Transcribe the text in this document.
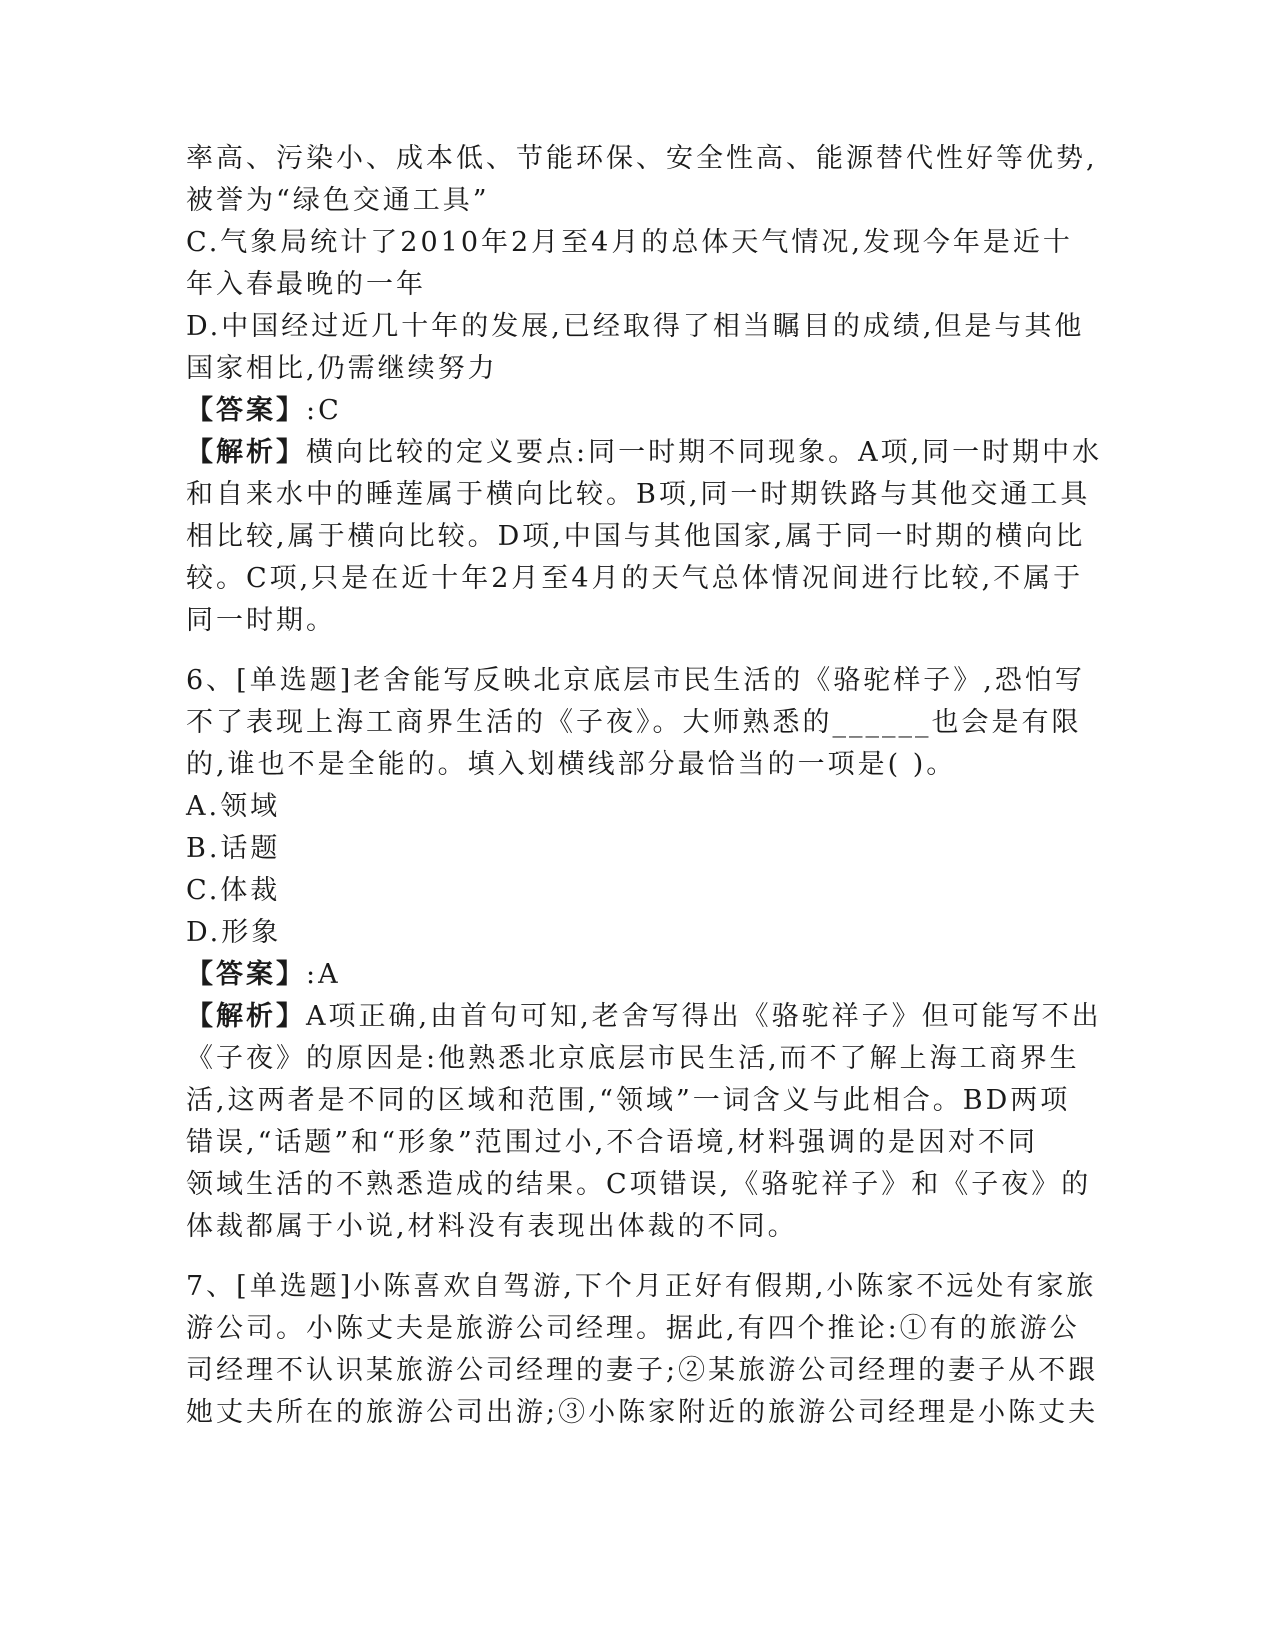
率高、污染小、成本低、节能环保、安全性高、能源替代性好等优势,
被誉为“绿色交通工具”
C.气象局统计了2010年2月至4月的总体天气情况,发现今年是近十
年入春最晚的一年
D.中国经过近几十年的发展,已经取得了相当瞩目的成绩,但是与其他
国家相比,仍需继续努力
【答案】:C
【解析】横向比较的定义要点:同一时期不同现象。A项,同一时期中水
和自来水中的睡莲属于横向比较。B项,同一时期铁路与其他交通工具
相比较,属于横向比较。D项,中国与其他国家,属于同一时期的横向比
较。C项,只是在近十年2月至4月的天气总体情况间进行比较,不属于
同一时期。
6、[单选题]老舍能写反映北京底层市民生活的《骆驼样子》,恐怕写
不了表现上海工商界生活的《子夜》。大师熟悉的______也会是有限
的,谁也不是全能的。填入划横线部分最恰当的一项是( )。
A.领域
B.话题
C.体裁
D.形象
【答案】:A
【解析】A项正确,由首句可知,老舍写得出《骆驼祥子》但可能写不出
《子夜》的原因是:他熟悉北京底层市民生活,而不了解上海工商界生
活,这两者是不同的区域和范围,“领域”一词含义与此相合。BD两项
错误,“话题”和“形象”范围过小,不合语境,材料强调的是因对不同
领域生活的不熟悉造成的结果。C项错误,《骆驼祥子》和《子夜》的
体裁都属于小说,材料没有表现出体裁的不同。
7、[单选题]小陈喜欢自驾游,下个月正好有假期,小陈家不远处有家旅
游公司。小陈丈夫是旅游公司经理。据此,有四个推论:①有的旅游公
司经理不认识某旅游公司经理的妻子;②某旅游公司经理的妻子从不跟
她丈夫所在的旅游公司出游;③小陈家附近的旅游公司经理是小陈丈夫
